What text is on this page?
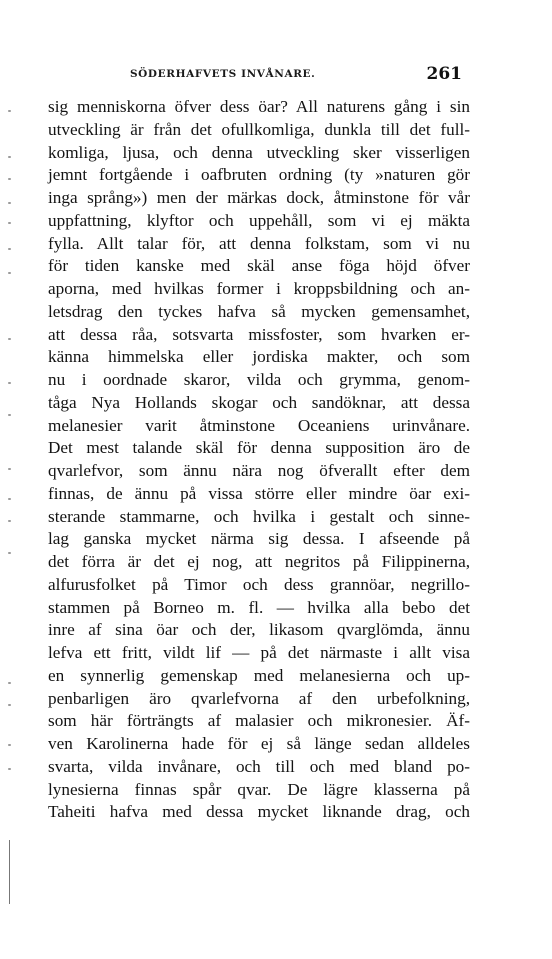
SÖDERHAFVETS INVÅNARE.	261
sig menniskorna öfver dess öar? All naturens gång i sin
utveckling är från det ofullkomliga, dunkla till det full-
komliga, ljusa, och denna utveckling sker visserligen
jemnt fortgående i oafbruten ordning (ty »naturen gör
inga språng») men der märkas dock, åtminstone för vår
uppfattning, klyftor och uppehåll, som vi ej mäkta
fylla. Allt talar för, att denna folkstam, som vi nu
för tiden kanske med skäl anse föga höjd öfver
aporna, med hvilkas former i kroppsbildning och an-
letsdrag den tyckes hafva så mycken gemensamhet,
att dessa råa, sotsvarta missfoster, som hvarken er-
känna himmelska eller jordiska makter, och som
nu i oordnade skaror, vilda och grymma, genom-
tåga Nya Hollands skogar och sandöknar, att dessa
melanesier varit åtminstone Oceaniens urinvånare.
Det mest talande skäl för denna supposition äro de
qvarlefvor, som ännu nära nog öfverallt efter dem
finnas, de ännu på vissa större eller mindre öar exi-
sterande stammarne, och hvilka i gestalt och sinne-
lag ganska mycket närma sig dessa. I afseende på
det förra är det ej nog, att negritos på Filippinerna,
alfurusfolket på Timor och dess grannöar, negrillo-
stammen på Borneo m. fl. — hvilka alla bebo det
inre af sina öar och der, likasom qvarglömda, ännu
lefva ett fritt, vildt lif — på det närmaste i allt visa
en synnerlig gemenskap med melanesierna och up-
penbarligen äro qvarlefvorna af den urbefolkning,
som här förträngts af malasier och mikronesier. Äf-
ven Karolinerna hade för ej så länge sedan alldeles
svarta, vilda invånare, och till och med bland po-
lynesierna finnas spår qvar. De lägre klasserna på
Taheiti hafva med dessa mycket liknande drag, och
